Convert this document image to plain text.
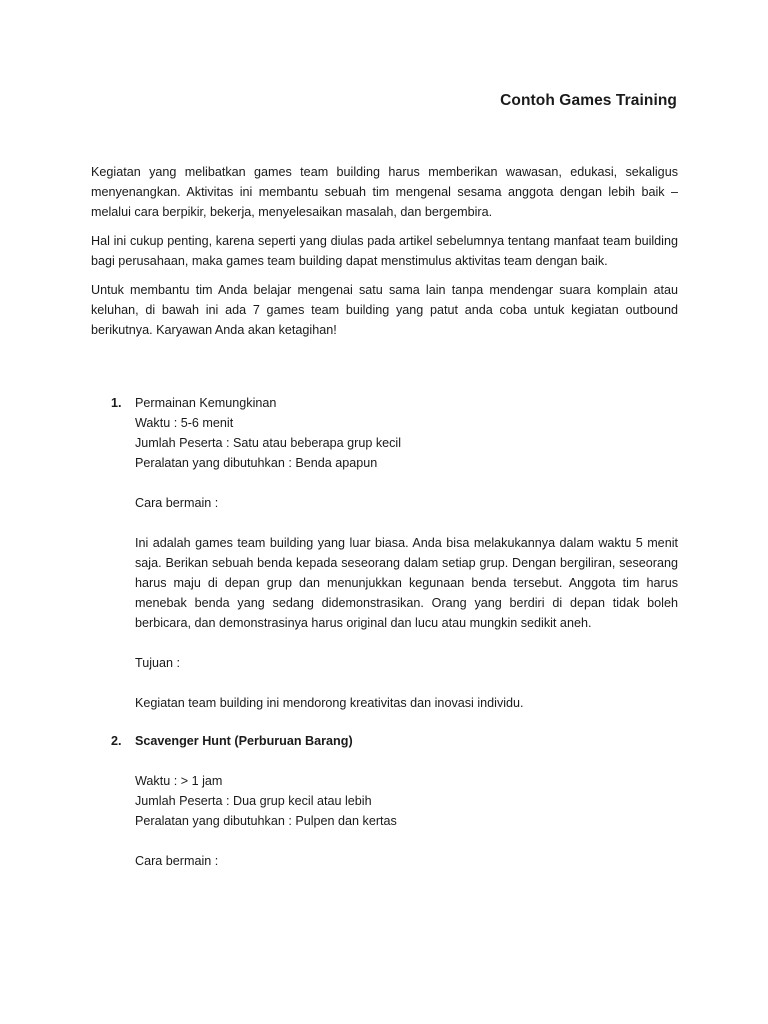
Contoh Games Training

Kegiatan yang melibatkan games team building harus memberikan wawasan, edukasi, sekaligus menyenangkan. Aktivitas ini membantu sebuah tim mengenal sesama anggota dengan lebih baik – melalui cara berpikir, bekerja, menyelesaikan masalah, dan bergembira.

Hal ini cukup penting, karena seperti yang diulas pada artikel sebelumnya tentang manfaat team building bagi perusahaan, maka games team building dapat menstimulus aktivitas team dengan baik.

Untuk membantu tim Anda belajar mengenai satu sama lain tanpa mendengar suara komplain atau keluhan, di bawah ini ada 7 games team building yang patut anda coba untuk kegiatan outbound berikutnya. Karyawan Anda akan ketagihan!

1. Permainan Kemungkinan

Waktu : 5-6 menit

Jumlah Peserta : Satu atau beberapa grup kecil

Peralatan yang dibutuhkan : Benda apapun

Cara bermain :

Ini adalah games team building yang luar biasa. Anda bisa melakukannya dalam waktu 5 menit saja. Berikan sebuah benda kepada seseorang dalam setiap grup. Dengan bergiliran, seseorang harus maju di depan grup dan menunjukkan kegunaan benda tersebut. Anggota tim harus menebak benda yang sedang didemonstrasikan. Orang yang berdiri di depan tidak boleh berbicara, dan demonstrasinya harus original dan lucu atau mungkin sedikit aneh.

Tujuan :

Kegiatan team building ini mendorong kreativitas dan inovasi individu.

2. Scavenger Hunt (Perburuan Barang)

Waktu : > 1 jam

Jumlah Peserta : Dua grup kecil atau lebih

Peralatan yang dibutuhkan : Pulpen dan kertas

Cara bermain :
